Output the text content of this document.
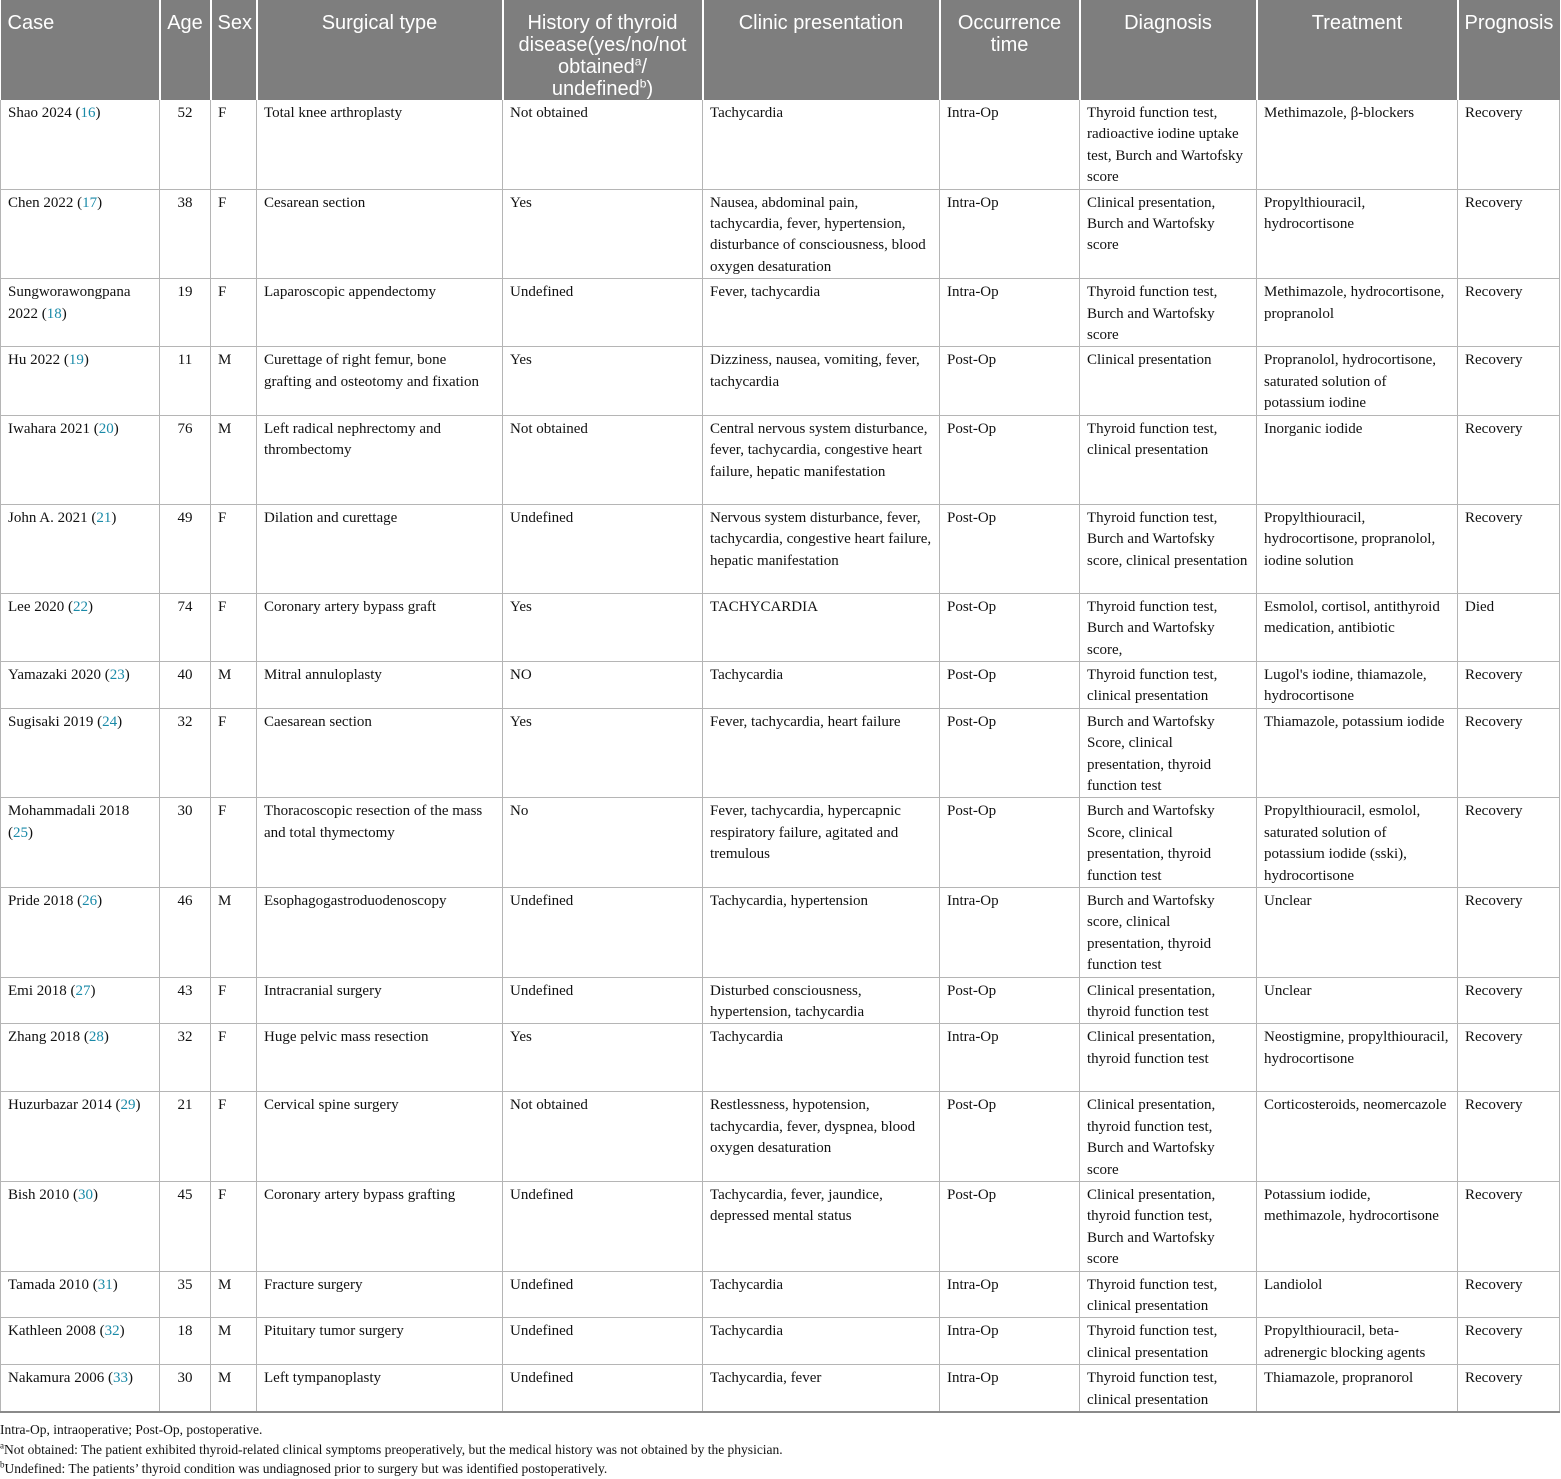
Case	Age	Sex	Surgical type	History of thyroid disease(yes/no/not obtained$^a$/ undefined$^b$)	Clinic presentation	Occurrence time	Diagnosis	Treatment	Prognosis
Shao 2024 (16)	52	F	Total knee arthroplasty	Not obtained	Tachycardia	Intra-Op	Thyroid function test, radioactive iodine uptake test, Burch and Wartofsky score	Methimazole, β-blockers	Recovery
Chen 2022 (17)	38	F	Cesarean section	Yes	Nausea, abdominal pain, tachycardia, fever, hypertension, disturbance of consciousness, blood oxygen desaturation	Intra-Op	Clinical presentation, Burch and Wartofsky score	Propylthiouracil, hydrocortisone	Recovery
Sungworawongpana 2022 (18)	19	F	Laparoscopic appendectomy	Undefined	Fever, tachycardia	Intra-Op	Thyroid function test, Burch and Wartofsky score	Methimazole, hydrocortisone, propranolol	Recovery
Hu 2022 (19)	11	M	Curettage of right femur, bone grafting and osteotomy and fixation	Yes	Dizziness, nausea, vomiting, fever, tachycardia	Post-Op	Clinical presentation	Propranolol, hydrocortisone, saturated solution of potassium iodine	Recovery
Iwahara 2021 (20)	76	M	Left radical nephrectomy and thrombectomy	Not obtained	Central nervous system disturbance, fever, tachycardia, congestive heart failure, hepatic manifestation	Post-Op	Thyroid function test, clinical presentation	Inorganic iodide	Recovery
John A. 2021 (21)	49	F	Dilation and curettage	Undefined	Nervous system disturbance, fever, tachycardia, congestive heart failure, hepatic manifestation	Post-Op	Thyroid function test, Burch and Wartofsky score, clinical presentation	Propylthiouracil, hydrocortisone, propranolol, iodine solution	Recovery
Lee 2020 (22)	74	F	Coronary artery bypass graft	Yes	TACHYCARDIA	Post-Op	Thyroid function test, Burch and Wartofsky score,	Esmolol, cortisol, antithyroid medication, antibiotic	Died
Yamazaki 2020 (23)	40	M	Mitral annuloplasty	NO	Tachycardia	Post-Op	Thyroid function test, clinical presentation	Lugol's iodine, thiamazole, hydrocortisone	Recovery
Sugisaki 2019 (24)	32	F	Caesarean section	Yes	Fever, tachycardia, heart failure	Post-Op	Burch and Wartofsky Score, clinical presentation, thyroid function test	Thiamazole, potassium iodide	Recovery
Mohammadali 2018 (25)	30	F	Thoracoscopic resection of the mass and total thymectomy	No	Fever, tachycardia, hypercapnic respiratory failure, agitated and tremulous	Post-Op	Burch and Wartofsky Score, clinical presentation, thyroid function test	Propylthiouracil, esmolol, saturated solution of potassium iodide (sski), hydrocortisone	Recovery
Pride 2018 (26)	46	M	Esophagogastroduodenoscopy	Undefined	Tachycardia, hypertension	Intra-Op	Burch and Wartofsky score, clinical presentation, thyroid function test	Unclear	Recovery
Emi 2018 (27)	43	F	Intracranial surgery	Undefined	Disturbed consciousness, hypertension, tachycardia	Post-Op	Clinical presentation, thyroid function test	Unclear	Recovery
Zhang 2018 (28)	32	F	Huge pelvic mass resection	Yes	Tachycardia	Intra-Op	Clinical presentation, thyroid function test	Neostigmine, propylthiouracil, hydrocortisone	Recovery
Huzurbazar 2014 (29)	21	F	Cervical spine surgery	Not obtained	Restlessness, hypotension, tachycardia, fever, dyspnea, blood oxygen desaturation	Post-Op	Clinical presentation, thyroid function test, Burch and Wartofsky score	Corticosteroids, neomercazole	Recovery
Bish 2010 (30)	45	F	Coronary artery bypass grafting	Undefined	Tachycardia, fever, jaundice, depressed mental status	Post-Op	Clinical presentation, thyroid function test, Burch and Wartofsky score	Potassium iodide, methimazole, hydrocortisone	Recovery
Tamada 2010 (31)	35	M	Fracture surgery	Undefined	Tachycardia	Intra-Op	Thyroid function test, clinical presentation	Landiolol	Recovery
Kathleen 2008 (32)	18	M	Pituitary tumor surgery	Undefined	Tachycardia	Intra-Op	Thyroid function test, clinical presentation	Propylthiouracil, beta-adrenergic blocking agents	Recovery
Nakamura 2006 (33)	30	M	Left tympanoplasty	Undefined	Tachycardia, fever	Intra-Op	Thyroid function test, clinical presentation	Thiamazole, propranorol	Recovery

Intra-Op, intraoperative; Post-Op, postoperative.

$^a$Not obtained: The patient exhibited thyroid-related clinical symptoms preoperatively, but the medical history was not obtained by the physician.

$^b$Undefined: The patients’ thyroid condition was undiagnosed prior to surgery but was identified postoperatively.
